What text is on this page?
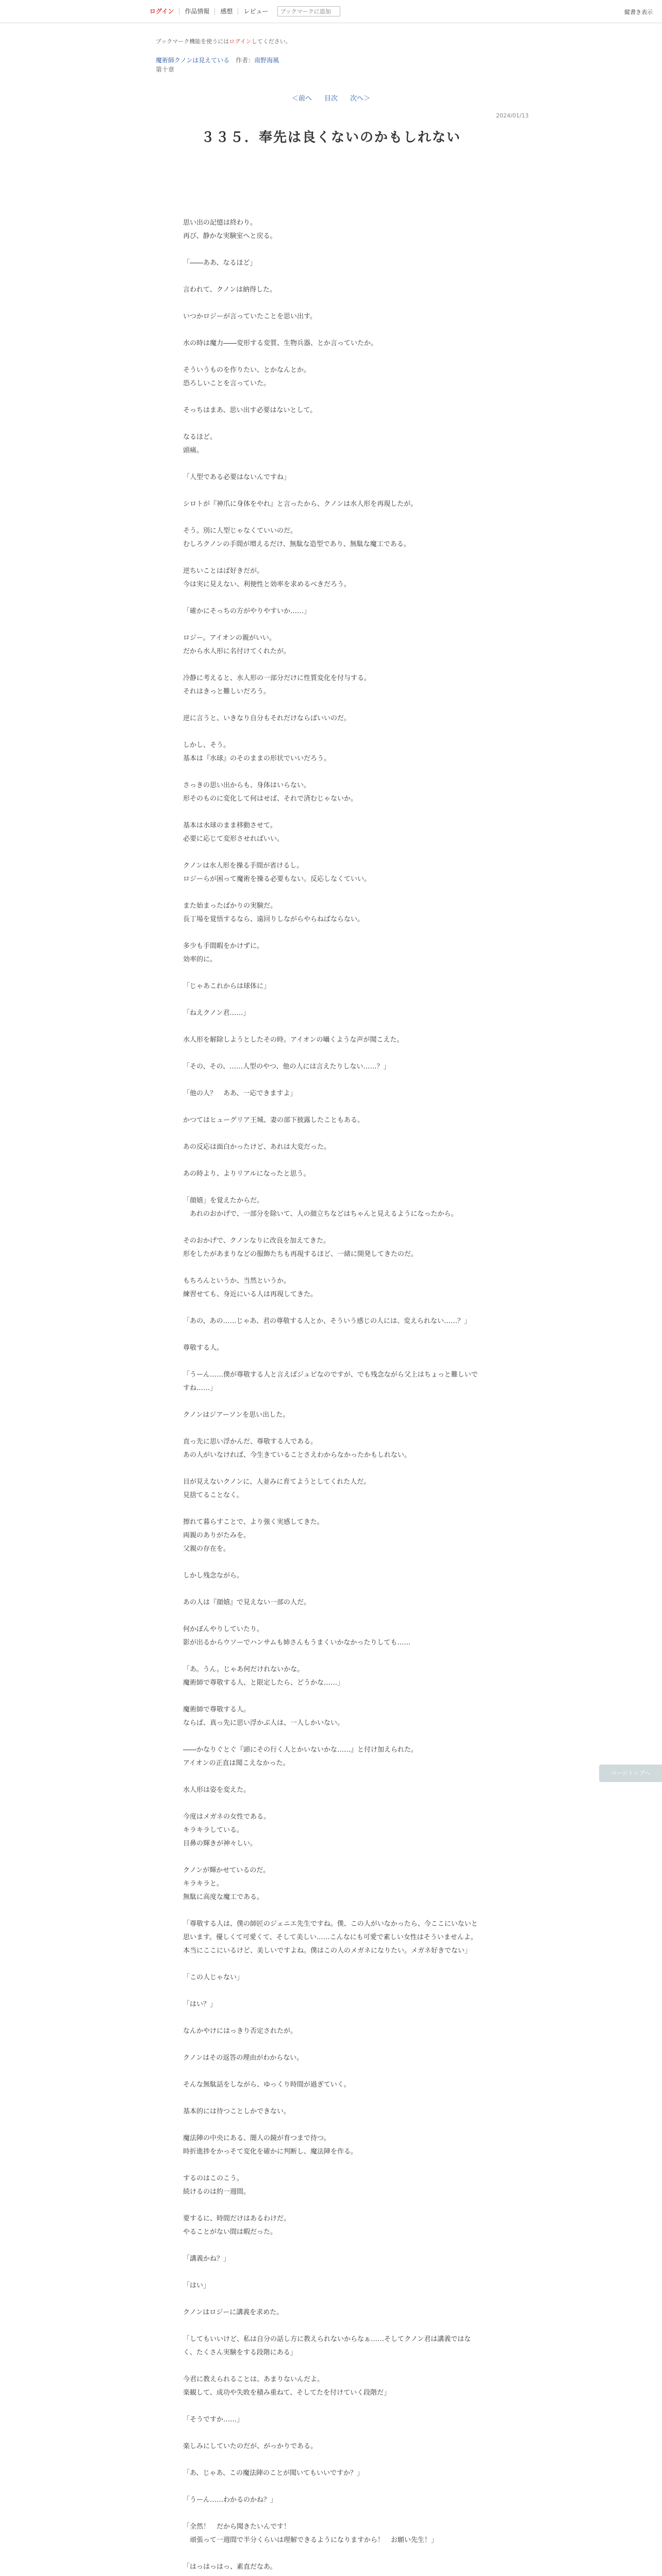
ログイン	作品情報	感想	レビュー
ブックマークに追加	縦書き表示
ブックマーク機能を使うにはログインしてください。
魔術師クノンは見えている 作者：南野海風
第十章
＜前へ 目次 次へ＞
2024/01/13
３３５．奉先は良くないのかもしれない

思い出の記憶は終わり。
再び、静かな実験室へと戻る。

「――ああ、なるほど」

言われて、クノンは納得した。

いつかロジーが言っていたことを思い出す。

水の時は魔力――変形する変質、生物兵器、とか言っていたか。

そういうものを作りたい、とかなんとか。
恐ろしいことを言っていた。

そっちはまあ、思い出す必要はないとして。

なるほど。
頭痛。

「人型である必要はないんですね」

シロトが『神爪に身体をやれ』と言ったから、クノンは水人形を再現したが。

そう。別に人型じゃなくていいのだ。
むしろクノンの手間が増えるだけ、無駄な造型であり、無駄な魔工である。

逆ちいことはば好きだが。
今は実に見えない、利便性と効率を求めるべきだろう。

「確かにそっちの方がやりやすいか……」

ロジー。アイオンの親がいい。
だから水人形に名付けてくれたが。

冷静に考えると、水人形の一部分だけに性質変化を付与する。
それはきっと難しいだろう。

逆に言うと、いきなり自分もそれだけならばいいのだ。

しかし、そう。
基本は『水球』のそのままの形状でいいだろう。

さっきの思い出からも、身体はいらない。
形そのものに変化して何はせば、それで済むじゃないか。

基本は水球のまま移動させて。
必要に応じて変形させればいい。

クノンは水人形を操る手間が省けるし。
ロジーらが困って魔術を操る必要もない。反応しなくていい。

また始まったばかりの実験だ。
長丁場を覚悟するなら、遠回りしながらやらねばならない。

多少も手間暇をかけずに。
効率的に。

「じゃあこれからは球体に」

「ねえクノン君……」

水人形を解除しようとしたその時。アイオンの囁くような声が聞こえた。

「その、その、……人型のやつ、他の人には言えたりしない……？」

「他の人？　ああ、一応できますよ」

かつてはヒューグリア王城、妻の部下披露したこともある。

あの反応は面白かったけど、あれは大変だった。

あの時より、よりリアルになったと思う。

「顔嬉」を覚えたからだ。
　あれのおかげで、一部分を除いて、人の顔立ちなどはちゃんと見えるようになったから。

そのおかげで、クノンなりに改良を加えてきた。
形をしたがあまりなどの服飾たちも再現するほど、一緒に開発してきたのだ。

もちろんというか、当然というか。
練習せても、身近にいる人は再現してきた。

「あの、あの……じゃあ、君の尊敬する人とか、そういう感じの人には、変えられない……？」

尊敬する人。

「うーん……僕が尊敬する人と言えばジュビなのですが、でも残念ながら父上はちょっと難しいですね……」

クノンはジアーソンを思い出した。

直っ先に思い浮かんだ、尊敬する人である。
あの人がいなければ、今生きていることさえわからなかったかもしれない。

目が見えないクノンに、人並みに育てようとしてくれた人だ。
見捨てることなく。

擦れて暮らすことで、より強く実感してきた。
両親のありがたみを。
父親の存在を。

しかし残念ながら。

あの人は『顔嬉』で見えない一部の人だ。

何かぼんやりしていたり。
影が出るからウソーでハンサムも姉さんもうまくいかなかったりしても……

「あ。うん。じゃあ何だけれないかな。
魔術師で尊敬する人、と限定したら、どうかな……」

魔術師で尊敬する人。
ならば、真っ先に思い浮かぶ人は、一人しかいない。

――かなりぐとぐ『頭にその行く人とかいないかな……』と付け加えられた。
アイオンの正直は聞こえなかった。

水人形は姿を変えた。

今度はメガネの女性である。
キラキラしている。
目鼻の輝きが神々しい。

クノンが輝かせているのだ。
キラキラと。
無駄に高度な魔工である。

「尊敬する人は、僕の師匠のジェニエ先生ですね。僕、この人がいなかったら、今ここにいないと思います。優しくて可愛くて、そして美しい……こんなにも可愛で素しい女性はそういませんよ。本当にここにいるけど、美しいですよね。僕はこの人のメガネになりたい。メガネ好きでない」

「この人じゃない」

「はい？」

なんかやけにはっきり否定されたが。

クノンはその返答の理由がわからない。

そんな無駄話をしながら、ゆっくり時間が過ぎていく。

基本的には待つことしかできない。

魔法陣の中央にある、闇人の鏡が育つまで待つ。
時折進捗をかっそて変化を確かに判断し、魔法陣を作る。

するのはこのこう。
続けるのは約一週間。

要するに、時間だけはあるわけだ。
やることがない間は暇だった。

「講義かね？」

「はい」

クノンはロジーに講義を求めた。

「してもいいけど、私は自分の話し方に教えられないからなぁ……そしてクノン君は講義ではなく、たくさん実験をする段階にある」

今君に教えられることは、あまりないんだよ。
楽観して、成功や失敗を積み重ねて、そしてたを付けていく段階だ」

「そうですか……」

楽しみにしていたのだが、がっかりである。

「あ、じゃあ、この魔法陣のことが聞いてもいいですか？」

「うーん……わかるのかね？」

「全然！　だから聞きたいんです！
　頑張って一週間で半分くらいは理解できるようになりますから！　お願い先生！」

「はっはっはっ、素直だなあ。

ページトップへ
